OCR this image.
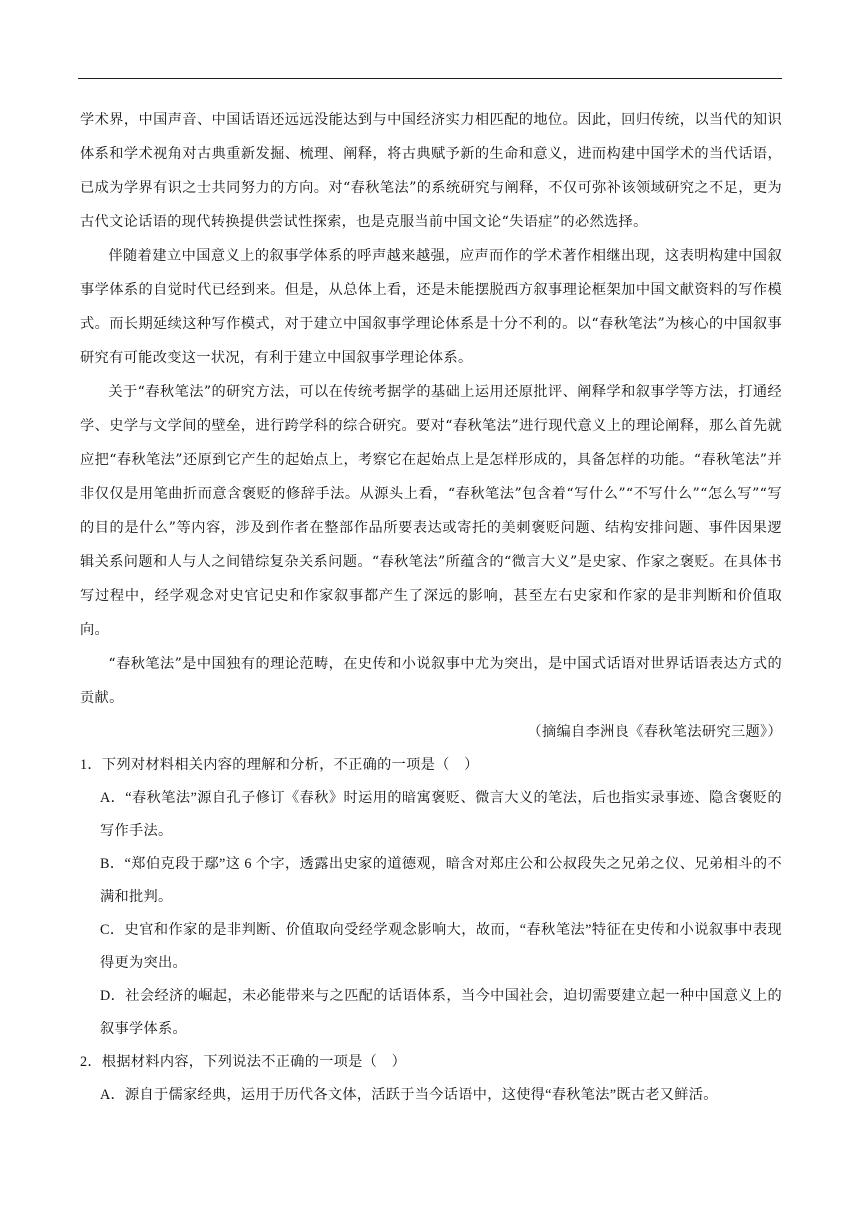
学术界，中国声音、中国话语还远远没能达到与中国经济实力相匹配的地位。因此，回归传统，以当代的知识体系和学术视角对古典重新发掘、梳理、阐释，将古典赋予新的生命和意义，进而构建中国学术的当代话语，已成为学界有识之士共同努力的方向。对“春秋笔法”的系统研究与阐释，不仅可弥补该领域研究之不足，更为古代文论话语的现代转换提供尝试性探索，也是克服当前中国文论“失语症”的必然选择。

伴随着建立中国意义上的叙事学体系的呼声越来越强，应声而作的学术著作相继出现，这表明构建中国叙事学体系的自觉时代已经到来。但是，从总体上看，还是未能摆脱西方叙事理论框架加中国文献资料的写作模式。而长期延续这种写作模式，对于建立中国叙事学理论体系是十分不利的。以“春秋笔法”为核心的中国叙事研究有可能改变这一状况，有利于建立中国叙事学理论体系。

关于“春秋笔法”的研究方法，可以在传统考据学的基础上运用还原批评、阐释学和叙事学等方法，打通经学、史学与文学间的壁垒，进行跨学科的综合研究。要对“春秋笔法”进行现代意义上的理论阐释，那么首先就应把“春秋笔法”还原到它产生的起始点上，考察它在起始点上是怎样形成的，具备怎样的功能。“春秋笔法”并非仅仅是用笔曲折而意含褒贬的修辞手法。从源头上看，“春秋笔法”包含着“写什么”“不写什么”“怎么写”“写的目的是什么”等内容，涉及到作者在整部作品所要表达或寄托的美刺褒贬问题、结构安排问题、事件因果逻辑关系问题和人与人之间错综复杂关系问题。“春秋笔法”所蕴含的“微言大义”是史家、作家之褒贬。在具体书写过程中，经学观念对史官记史和作家叙事都产生了深远的影响，甚至左右史家和作家的是非判断和价值取向。

“春秋笔法”是中国独有的理论范畴，在史传和小说叙事中尤为突出，是中国式话语对世界话语表达方式的贡献。

（摘编自李洲良《春秋笔法研究三题》）

1．下列对材料相关内容的理解和分析，不正确的一项是（　）

A．“春秋笔法”源自孔子修订《春秋》时运用的暗寓褒贬、微言大义的笔法，后也指实录事迹、隐含褒贬的写作手法。

B．“郑伯克段于鄢”这 6 个字，透露出史家的道德观，暗含对郑庄公和公叔段失之兄弟之仪、兄弟相斗的不满和批判。

C．史官和作家的是非判断、价值取向受经学观念影响大，故而，“春秋笔法”特征在史传和小说叙事中表现得更为突出。

D．社会经济的崛起，未必能带来与之匹配的话语体系，当今中国社会，迫切需要建立起一种中国意义上的叙事学体系。

2．根据材料内容，下列说法不正确的一项是（　）

A．源自于儒家经典，运用于历代各文体，活跃于当今话语中，这使得“春秋笔法”既古老又鲜活。
